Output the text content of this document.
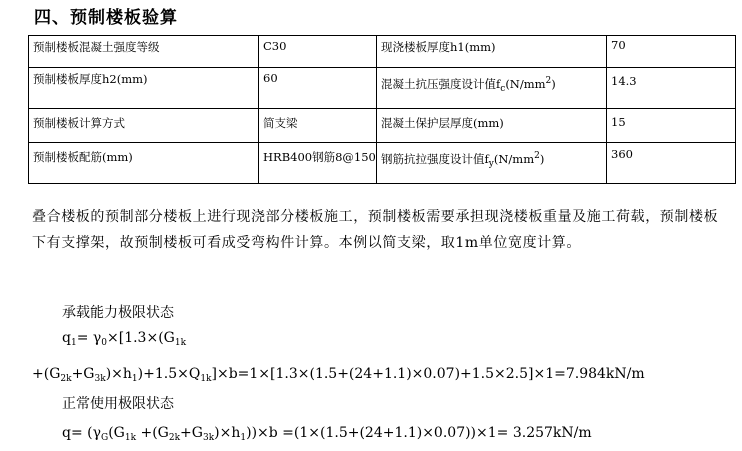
四、预制楼板验算
预制楼板混凝土强度等级	C30	现浇楼板厚度h1(mm)	70
预制楼板厚度h2(mm)	60	混凝土抗压强度设计值$f_c(N/mm^2)$	14.3
预制楼板计算方式	简支梁	混凝土保护层厚度(mm)	15
预制楼板配筋(mm)	HRB400钢筋8@150	钢筋抗拉强度设计值$f_y(N/mm^2)$	360
叠合楼板的预制部分楼板上进行现浇部分楼板施工，预制楼板需要承担现浇楼板重量及施工荷载，预制楼板下有支撑架，故预制楼板可看成受弯构件计算。本例以简支梁，取1m单位宽度计算。
承载能力极限状态
$q_1= \gamma_0\times[1.3\times(G_{1k}$
$+(G_{2k}+G_{3k})\times h_1)+1.5\times Q_{1k}]\times b=1\times[1.3\times(1.5+(24+1.1)\times 0.07)+1.5\times 2.5]\times 1=7.984kN/m$
正常使用极限状态
$q= (\gamma_G(G_{1k} +(G_{2k}+G_{3k})\times h_1))\times b =(1\times(1.5+(24+1.1)\times 0.07))\times 1= 3.257kN/m$
